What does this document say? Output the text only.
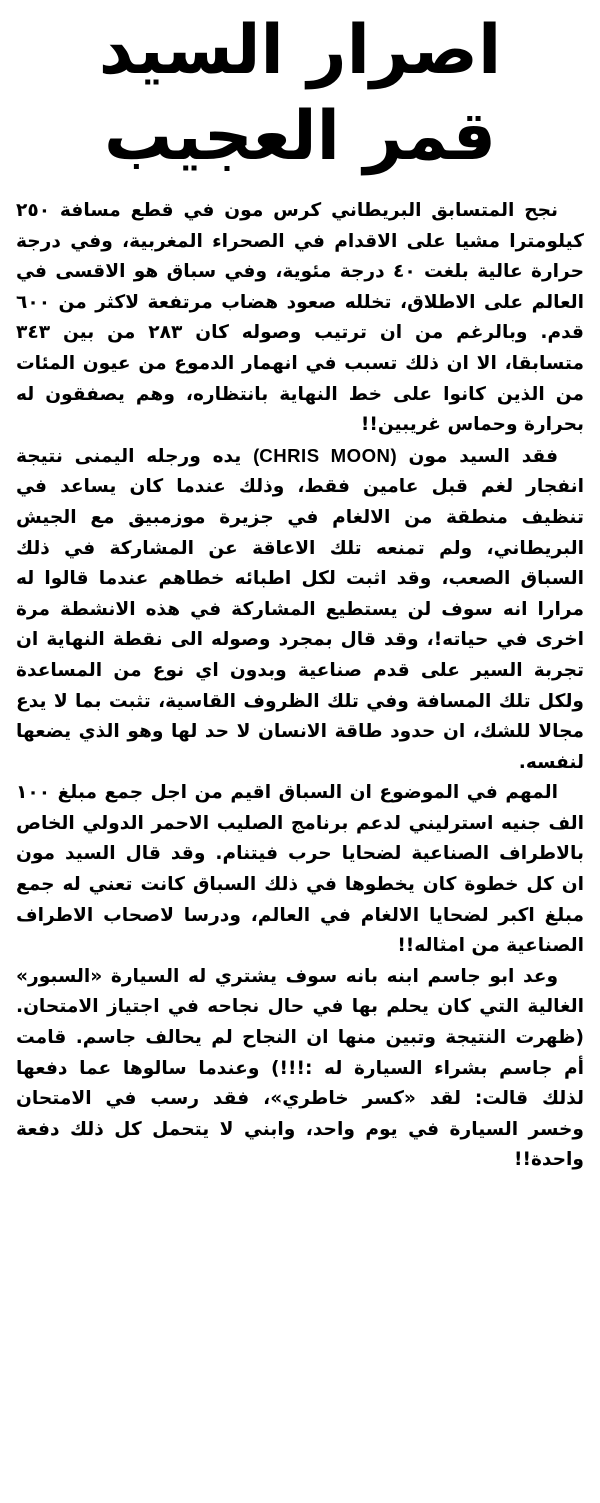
اصرار السيد
قمر العجيب

نجح المتسابق البريطاني كرس مون في قطع مسافة ٢٥٠ كيلومترا مشيا على الاقدام في الصحراء المغربية، وفي درجة حرارة عالية بلغت ٤٠ درجة مئوية، وفي سباق هو الاقسى في العالم على الاطلاق، تخلله صعود هضاب مرتفعة لاكثر من ٦٠٠ قدم. وبالرغم من ان ترتيب وصوله كان ٢٨٣ من بين ٣٤٣ متسابقا، الا ان ذلك تسبب في انهمار الدموع من عيون المئات من الذين كانوا على خط النهاية بانتظاره، وهم يصفقون له بحرارة وحماس غريبين!!

فقد السيد مون (CHRIS MOON) يده ورجله اليمنى نتيجة انفجار لغم قبل عامين فقط، وذلك عندما كان يساعد في تنظيف منطقة من الالغام في جزيرة موزمبيق مع الجيش البريطاني، ولم تمنعه تلك الاعاقة عن المشاركة في ذلك السباق الصعب، وقد اثبت لكل اطبائه خطاهم عندما قالوا له مرارا انه سوف لن يستطيع المشاركة في هذه الانشطة مرة اخرى في حياته!، وقد قال بمجرد وصوله الى نقطة النهاية ان تجربة السير على قدم صناعية وبدون اي نوع من المساعدة ولكل تلك المسافة وفي تلك الظروف القاسية، تثبت بما لا يدع مجالا للشك، ان حدود طاقة الانسان لا حد لها وهو الذي يضعها لنفسه.

المهم في الموضوع ان السباق اقيم من اجل جمع مبلغ ١٠٠ الف جنيه استرليني لدعم برنامج الصليب الاحمر الدولي الخاص بالاطراف الصناعية لضحايا حرب فيتنام. وقد قال السيد مون ان كل خطوة كان يخطوها في ذلك السباق كانت تعني له جمع مبلغ اكبر لضحايا الالغام في العالم، ودرسا لاصحاب الاطراف الصناعية من امثاله!!

وعد ابو جاسم ابنه بانه سوف يشتري له السيارة «السبور» الغالية التي كان يحلم بها في حال نجاحه في اجتياز الامتحان. (ظهرت النتيجة وتبين منها ان النجاح لم يحالف جاسم. قامت أم جاسم بشراء السيارة له :!!!) وعندما سالوها عما دفعها لذلك قالت: لقد «كسر خاطري»، فقد رسب في الامتحان وخسر السيارة في يوم واحد، وابني لا يتحمل كل ذلك دفعة واحدة!!
